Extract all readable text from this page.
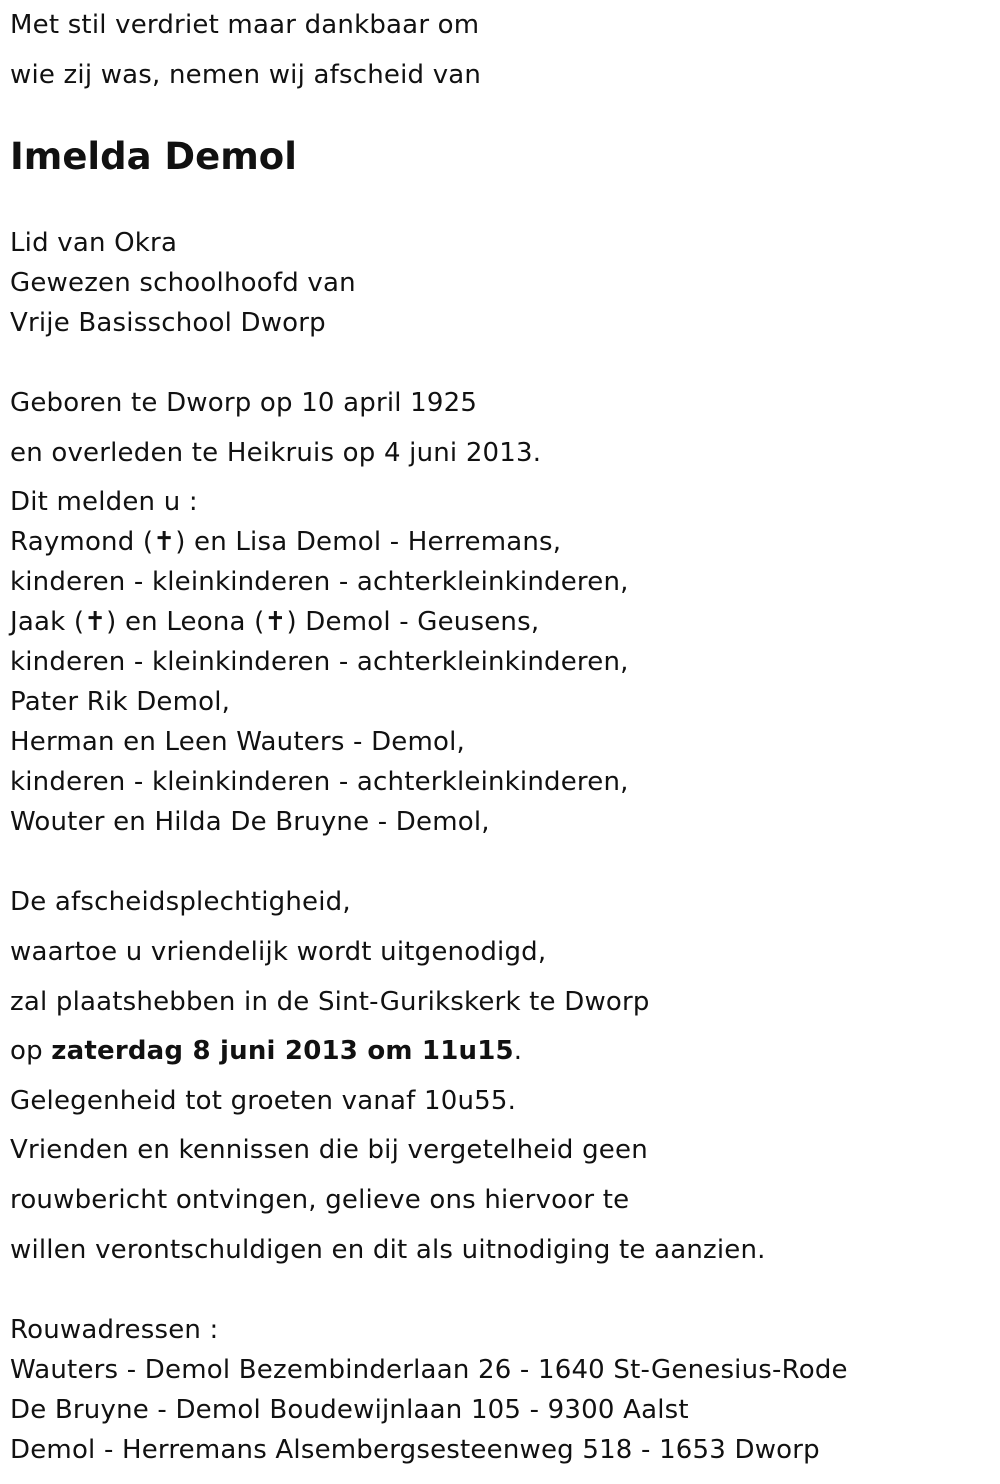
Met stil verdriet maar dankbaar om

wie zij was, nemen wij afscheid van

Imelda Demol

Lid van Okra

Gewezen schoolhoofd van

Vrije Basisschool Dworp

Geboren te Dworp op 10 april 1925

en overleden te Heikruis op 4 juni 2013.

Dit melden u :

Raymond (✝) en Lisa Demol - Herremans,

kinderen - kleinkinderen - achterkleinkinderen,

Jaak (✝) en Leona (✝) Demol - Geusens,

kinderen - kleinkinderen - achterkleinkinderen,

Pater Rik Demol,

Herman en Leen Wauters - Demol,

kinderen - kleinkinderen - achterkleinkinderen,

Wouter en Hilda De Bruyne - Demol,

De afscheidsplechtigheid,

waartoe u vriendelijk wordt uitgenodigd,

zal plaatshebben in de Sint-Gurikskerk te Dworp

op zaterdag 8 juni 2013 om 11u15.

Gelegenheid tot groeten vanaf 10u55.

Vrienden en kennissen die bij vergetelheid geen

rouwbericht ontvingen, gelieve ons hiervoor te

willen verontschuldigen en dit als uitnodiging te aanzien.

Rouwadressen :

Wauters - Demol Bezembinderlaan 26 - 1640 St-Genesius-Rode

De Bruyne - Demol Boudewijnlaan 105 - 9300 Aalst

Demol - Herremans Alsembergsesteenweg 518 - 1653 Dworp
